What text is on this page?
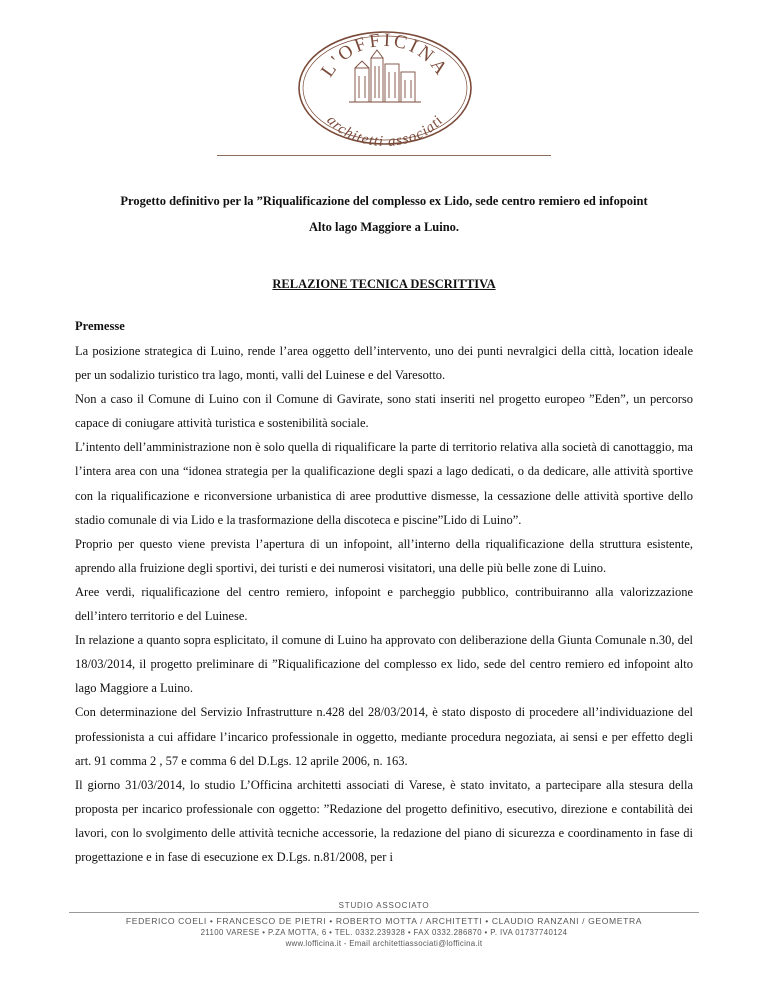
L'OFFICINA
architetti associati

Progetto definitivo per la ”Riqualificazione del complesso ex Lido, sede centro remiero ed infopoint

Alto lago Maggiore a Luino.

RELAZIONE TECNICA DESCRITTIVA

Premesse

La posizione strategica di Luino, rende l’area oggetto dell’intervento, uno dei punti nevralgici della città, location ideale per un sodalizio turistico tra lago, monti, valli del Luinese e del Varesotto.

Non a caso il Comune di Luino con il Comune di Gavirate, sono stati inseriti nel progetto europeo ”Eden”, un percorso capace di coniugare attività turistica e sostenibilità sociale.

L’intento dell’amministrazione non è solo quella di riqualificare la parte di territorio relativa alla società di canottaggio, ma l’intera area con una “idonea strategia per la qualificazione degli spazi a lago dedicati, o da dedicare, alle attività sportive con la riqualificazione e riconversione urbanistica di aree produttive dismesse, la cessazione delle attività sportive dello stadio comunale di via Lido e la trasformazione della discoteca e piscine”Lido di Luino”.

Proprio per questo viene prevista l’apertura di un infopoint, all’interno della riqualificazione della struttura esistente, aprendo alla fruizione degli sportivi, dei turisti e dei numerosi visitatori, una delle più belle zone di Luino.

Aree verdi, riqualificazione del centro remiero, infopoint e parcheggio pubblico, contribuiranno alla valorizzazione dell’intero territorio e del Luinese.

In relazione a quanto sopra esplicitato, il comune di Luino ha approvato con deliberazione della Giunta Comunale n.30, del 18/03/2014, il progetto preliminare di ”Riqualificazione del complesso ex lido, sede del centro remiero ed infopoint alto lago Maggiore a Luino.

Con determinazione del Servizio Infrastrutture n.428 del 28/03/2014, è stato disposto di procedere all’individuazione del professionista a cui affidare l’incarico professionale in oggetto, mediante procedura negoziata, ai sensi e per effetto degli art. 91 comma 2 , 57 e comma 6 del D.Lgs. 12 aprile 2006, n. 163.

Il giorno 31/03/2014, lo studio L’Officina architetti associati di Varese, è stato invitato, a partecipare alla stesura della proposta per incarico professionale con oggetto: ”Redazione del progetto definitivo, esecutivo, direzione e contabilità dei lavori, con lo svolgimento delle attività tecniche accessorie, la redazione del piano di sicurezza e coordinamento in fase di progettazione e in fase di esecuzione ex D.Lgs. n.81/2008, per i

STUDIO ASSOCIATO
FEDERICO COELI • FRANCESCO DE PIETRI • ROBERTO MOTTA / ARCHITETTI • CLAUDIO RANZANI / GEOMETRA
21100 VARESE • P.ZA MOTTA, 6 • TEL. 0332.239328 • FAX 0332.286870 • P. IVA 01737740124
www.lofficina.it - Email architettiassociati@lofficina.it
